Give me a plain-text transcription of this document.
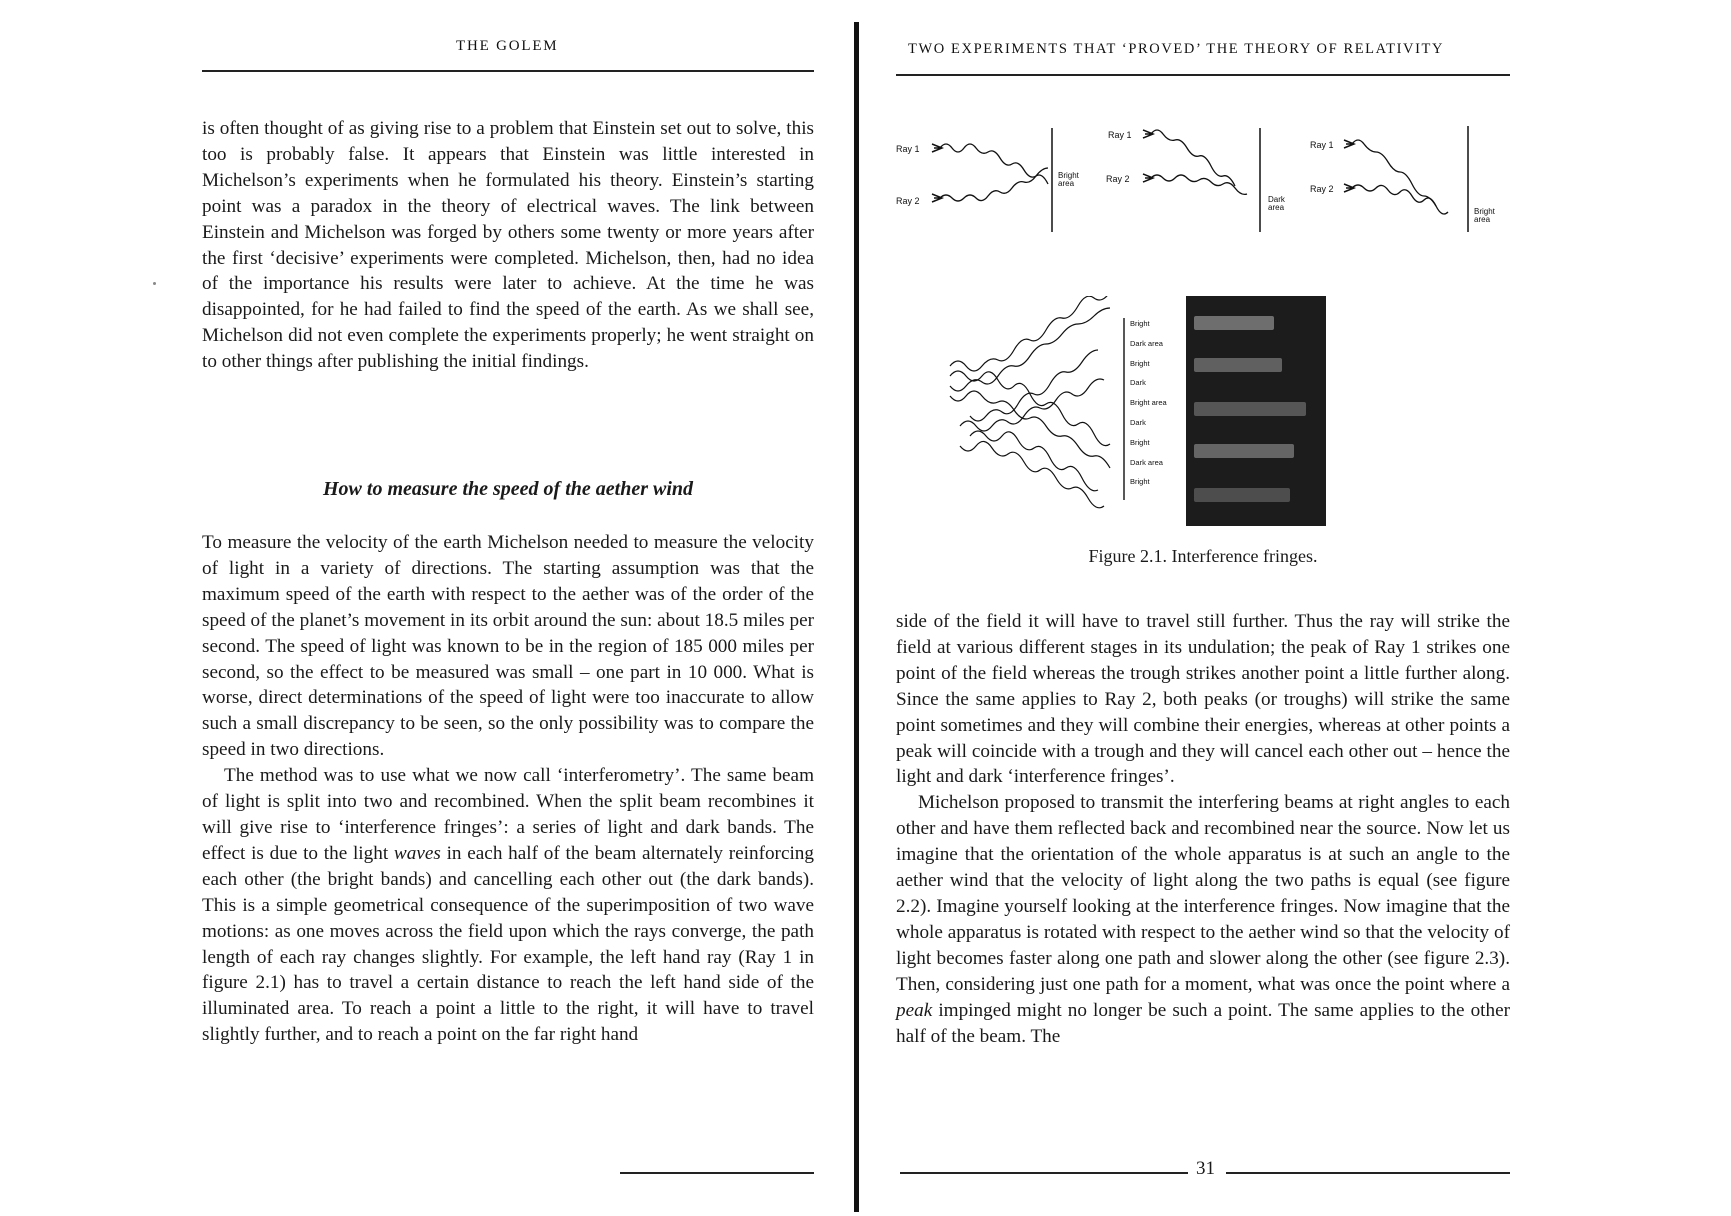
THE GOLEM

is often thought of as giving rise to a problem that Einstein set out to solve, this too is probably false. It appears that Einstein was little interested in Michelson’s experiments when he formulated his theory. Einstein’s starting point was a paradox in the theory of electrical waves. The link between Einstein and Michelson was forged by others some twenty or more years after the first ‘decisive’ experiments were completed. Michelson, then, had no idea of the importance his results were later to achieve. At the time he was disappointed, for he had failed to find the speed of the earth. As we shall see, Michelson did not even complete the experiments properly; he went straight on to other things after publishing the initial findings.

How to measure the speed of the aether wind

To measure the velocity of the earth Michelson needed to measure the velocity of light in a variety of directions. The starting assumption was that the maximum speed of the earth with respect to the aether was of the order of the speed of the planet’s movement in its orbit around the sun: about 18.5 miles per second. The speed of light was known to be in the region of 185 000 miles per second, so the effect to be measured was small – one part in 10 000. What is worse, direct determinations of the speed of light were too inaccurate to allow such a small discrepancy to be seen, so the only possibility was to compare the speed in two directions.

The method was to use what we now call ‘interferometry’. The same beam of light is split into two and recombined. When the split beam recombines it will give rise to ‘interference fringes’: a series of light and dark bands. The effect is due to the light waves in each half of the beam alternately reinforcing each other (the bright bands) and cancelling each other out (the dark bands). This is a simple geometrical consequence of the superimposition of two wave motions: as one moves across the field upon which the rays converge, the path length of each ray changes slightly. For example, the left hand ray (Ray 1 in figure 2.1) has to travel a certain distance to reach the left hand side of the illuminated area. To reach a point a little to the right, it will have to travel slightly further, and to reach a point on the far right hand

TWO EXPERIMENTS THAT ‘PROVED’ THE THEORY OF RELATIVITY
Ray 1
Ray 2
Bright
area
Ray 1
Ray 2
Dark
area
Ray 1
Ray 2
Bright
area
Bright
Dark area
Bright
Dark
Bright area
Dark
Bright
Dark area
Bright
Figure 2.1. Interference fringes.

side of the field it will have to travel still further. Thus the ray will strike the field at various different stages in its undulation; the peak of Ray 1 strikes one point of the field whereas the trough strikes another point a little further along. Since the same applies to Ray 2, both peaks (or troughs) will strike the same point sometimes and they will combine their energies, whereas at other points a peak will coincide with a trough and they will cancel each other out – hence the light and dark ‘interference fringes’.

Michelson proposed to transmit the interfering beams at right angles to each other and have them reflected back and recombined near the source. Now let us imagine that the orientation of the whole apparatus is at such an angle to the aether wind that the velocity of light along the two paths is equal (see figure 2.2). Imagine yourself looking at the interference fringes. Now imagine that the whole apparatus is rotated with respect to the aether wind so that the velocity of light becomes faster along one path and slower along the other (see figure 2.3). Then, considering just one path for a moment, what was once the point where a peak impinged might no longer be such a point. The same applies to the other half of the beam. The

31
